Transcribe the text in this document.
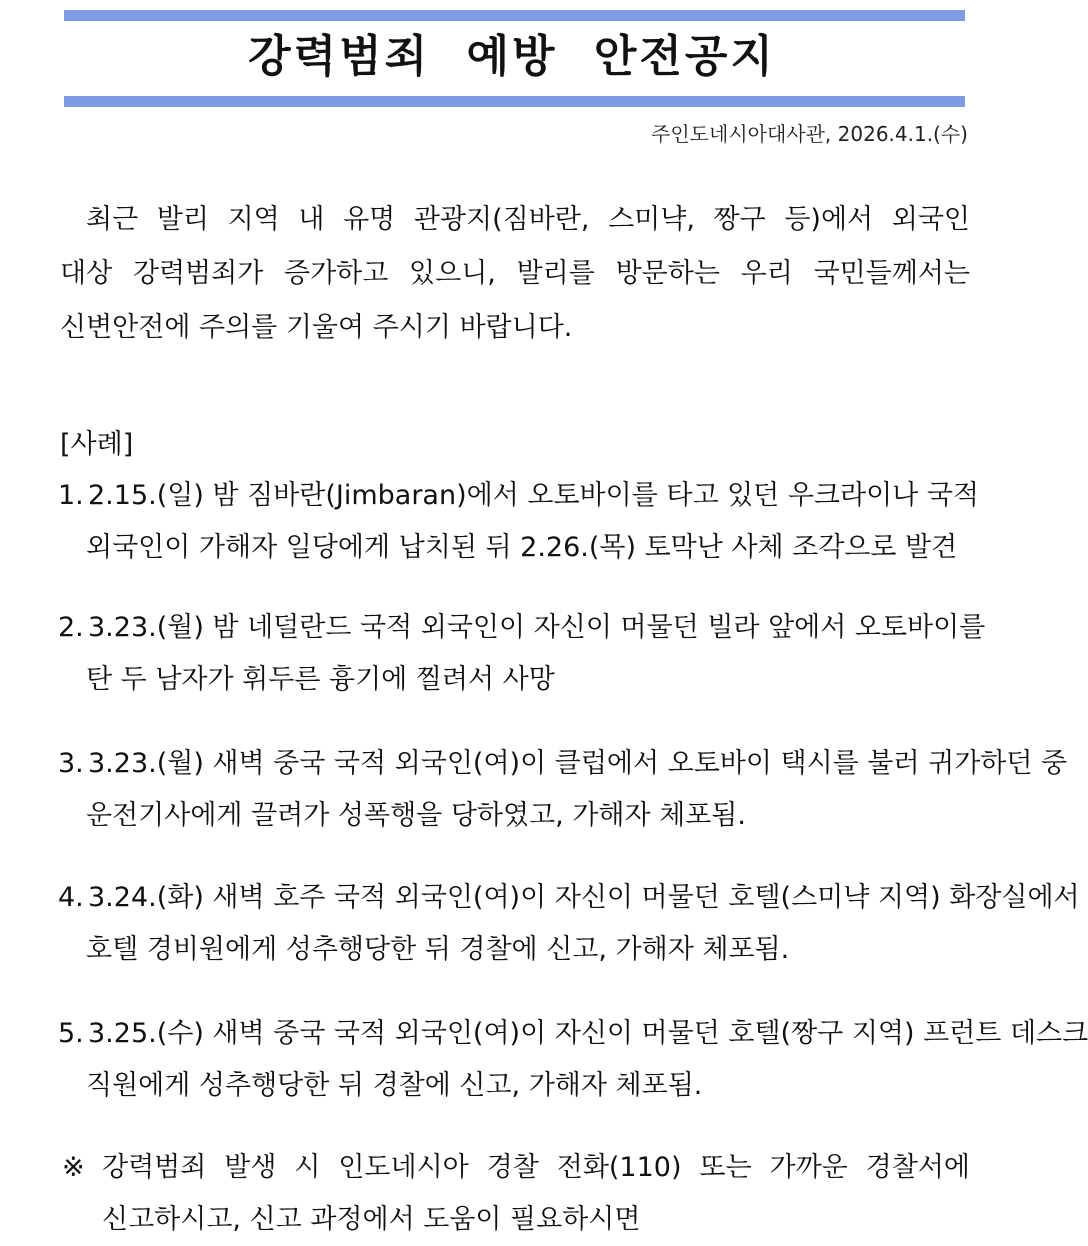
강력범죄 예방 안전공지
주인도네시아대사관, 2026.4.1.(수)
최근 발리 지역 내 유명 관광지(짐바란, 스미냑, 짱구 등)에서 외국인
대상 강력범죄가 증가하고 있으니, 발리를 방문하는 우리 국민들께서는
신변안전에 주의를 기울여 주시기 바랍니다.
[사례]
1. 2.15.(일) 밤 짐바란(Jimbaran)에서 오토바이를 타고 있던 우크라이나 국적
외국인이 가해자 일당에게 납치된 뒤 2.26.(목) 토막난 사체 조각으로 발견
2. 3.23.(월) 밤 네덜란드 국적 외국인이 자신이 머물던 빌라 앞에서 오토바이를
탄 두 남자가 휘두른 흉기에 찔려서 사망
3. 3.23.(월) 새벽 중국 국적 외국인(여)이 클럽에서 오토바이 택시를 불러 귀가하던 중
운전기사에게 끌려가 성폭행을 당하였고, 가해자 체포됨.
4. 3.24.(화) 새벽 호주 국적 외국인(여)이 자신이 머물던 호텔(스미냑 지역) 화장실에서
호텔 경비원에게 성추행당한 뒤 경찰에 신고, 가해자 체포됨.
5. 3.25.(수) 새벽 중국 국적 외국인(여)이 자신이 머물던 호텔(짱구 지역) 프런트 데스크
직원에게 성추행당한 뒤 경찰에 신고, 가해자 체포됨.
※ 강력범죄 발생 시 인도네시아 경찰 전화(110) 또는 가까운 경찰서에
신고하시고, 신고 과정에서 도움이 필요하시면
